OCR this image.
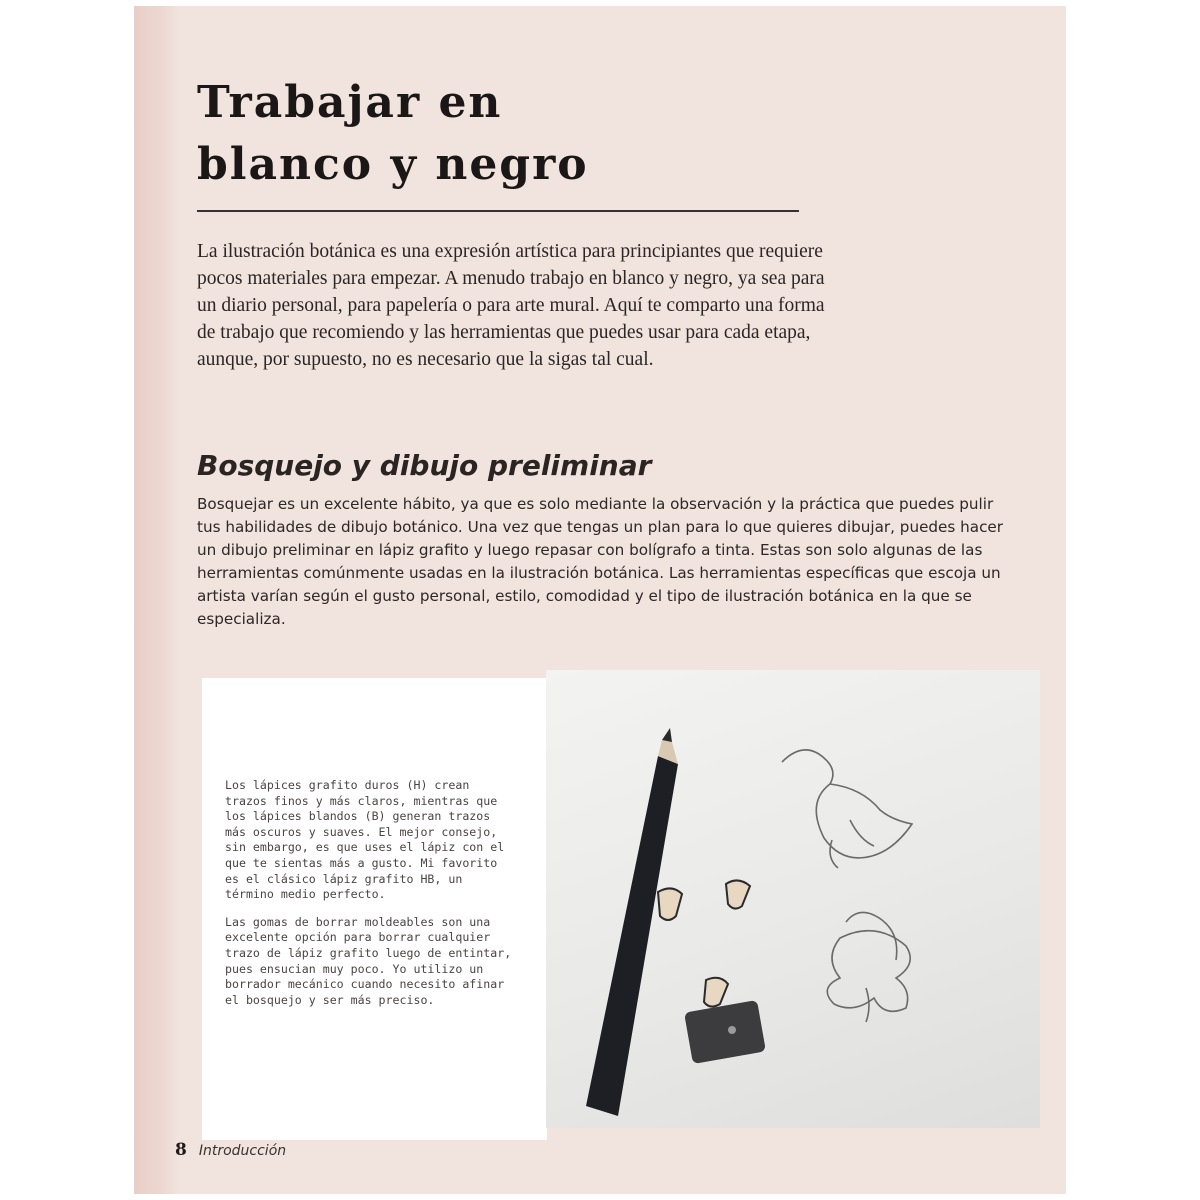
Trabajar en
blanco y negro

La ilustración botánica es una expresión artística para principiantes que requiere pocos materiales para empezar. A menudo trabajo en blanco y negro, ya sea para un diario personal, para papelería o para arte mural. Aquí te comparto una forma de trabajo que recomiendo y las herramientas que puedes usar para cada etapa, aunque, por supuesto, no es necesario que la sigas tal cual.

Bosquejo y dibujo preliminar

Bosquejar es un excelente hábito, ya que es solo mediante la observación y la práctica que puedes pulir tus habilidades de dibujo botánico. Una vez que tengas un plan para lo que quieres dibujar, puedes hacer un dibujo preliminar en lápiz grafito y luego repasar con bolígrafo a tinta. Estas son solo algunas de las herramientas comúnmente usadas en la ilustración botánica. Las herramientas específicas que escoja un artista varían según el gusto personal, estilo, comodidad y el tipo de ilustración botánica en la que se especializa.

Los lápices grafito duros (H) crean trazos finos y más claros, mientras que los lápices blandos (B) generan trazos más oscuros y suaves. El mejor consejo, sin embargo, es que uses el lápiz con el que te sientas más a gusto. Mi favorito es el clásico lápiz grafito HB, un término medio perfecto.

Las gomas de borrar moldeables son una excelente opción para borrar cualquier trazo de lápiz grafito luego de entintar, pues ensucian muy poco. Yo utilizo un borrador mecánico cuando necesito afinar el bosquejo y ser más preciso.

8 Introducción
